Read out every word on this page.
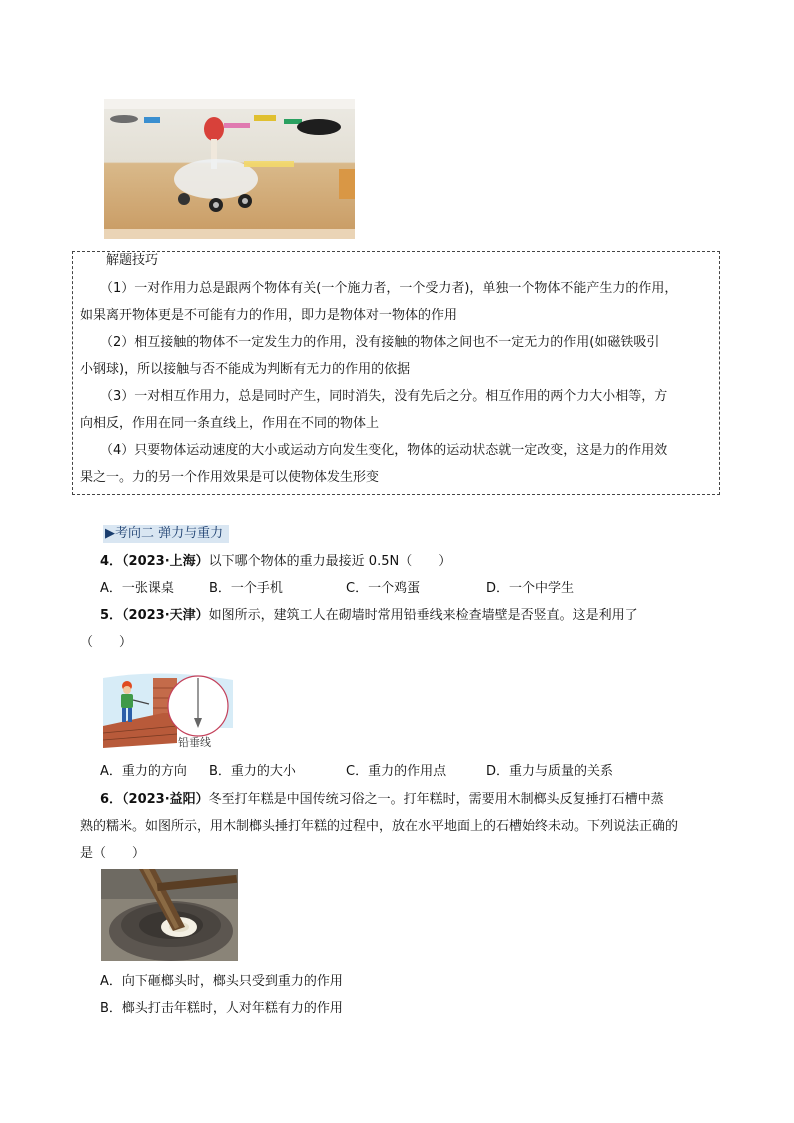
解题技巧
（1）一对作用力总是跟两个物体有关(一个施力者，一个受力者)，单独一个物体不能产生力的作用，
如果离开物体更是不可能有力的作用，即力是物体对一物体的作用
（2）相互接触的物体不一定发生力的作用，没有接触的物体之间也不一定无力的作用(如磁铁吸引
小钢球)，所以接触与否不能成为判断有无力的作用的依据
（3）一对相互作用力，总是同时产生，同时消失，没有先后之分。相互作用的两个力大小相等，方
向相反，作用在同一条直线上，作用在不同的物体上
（4）只要物体运动速度的大小或运动方向发生变化，物体的运动状态就一定改变，这是力的作用效
果之一。力的另一个作用效果是可以使物体发生形变
▶考向二 弹力与重力
4．（2023·上海）以下哪个物体的重力最接近 0.5N（　　）
A．一张课桌	B．一个手机	C．一个鸡蛋	D．一个中学生
5．（2023·天津）如图所示，建筑工人在砌墙时常用铅垂线来检查墙壁是否竖直。这是利用了
（　　）
铅垂线
A．重力的方向 B．重力的大小	C．重力的作用点	D．重力与质量的关系
6．（2023·益阳）冬至打年糕是中国传统习俗之一。打年糕时，需要用木制榔头反复捶打石槽中蒸
熟的糯米。如图所示，用木制榔头捶打年糕的过程中，放在水平地面上的石槽始终未动。下列说法正确的
是（　　）
A．向下砸榔头时，榔头只受到重力的作用
B．榔头打击年糕时，人对年糕有力的作用
